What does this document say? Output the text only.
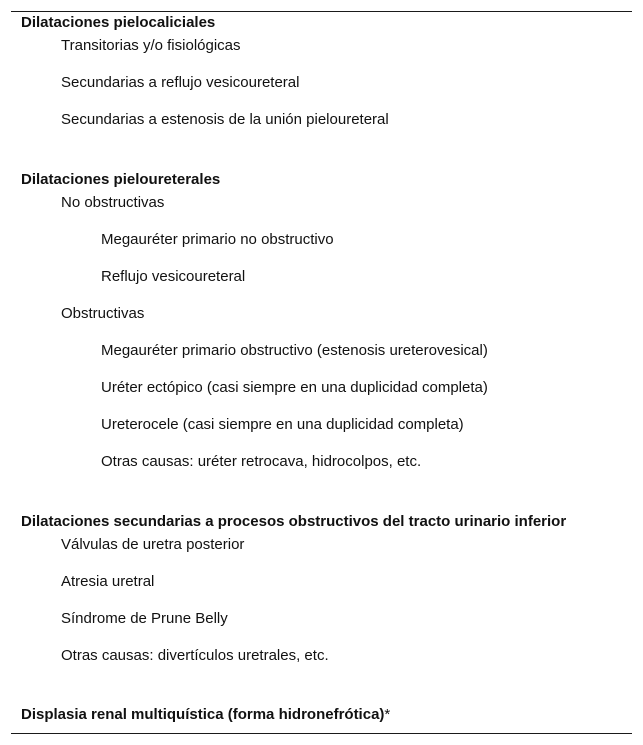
Dilataciones pielocaliciales
Transitorias y/o fisiológicas
Secundarias a reflujo vesicoureteral
Secundarias a estenosis de la unión pieloureteral
Dilataciones pieloureterales
No obstructivas
Megauréter primario no obstructivo
Reflujo vesicoureteral
Obstructivas
Megauréter primario obstructivo (estenosis ureterovesical)
Uréter ectópico (casi siempre en una duplicidad completa)
Ureterocele (casi siempre en una duplicidad completa)
Otras causas: uréter retrocava, hidrocolpos, etc.
Dilataciones secundarias a procesos obstructivos del tracto urinario inferior
Válvulas de uretra posterior
Atresia uretral
Síndrome de Prune Belly
Otras causas: divertículos uretrales, etc.
Displasia renal multiquística (forma hidronefrótica)*
